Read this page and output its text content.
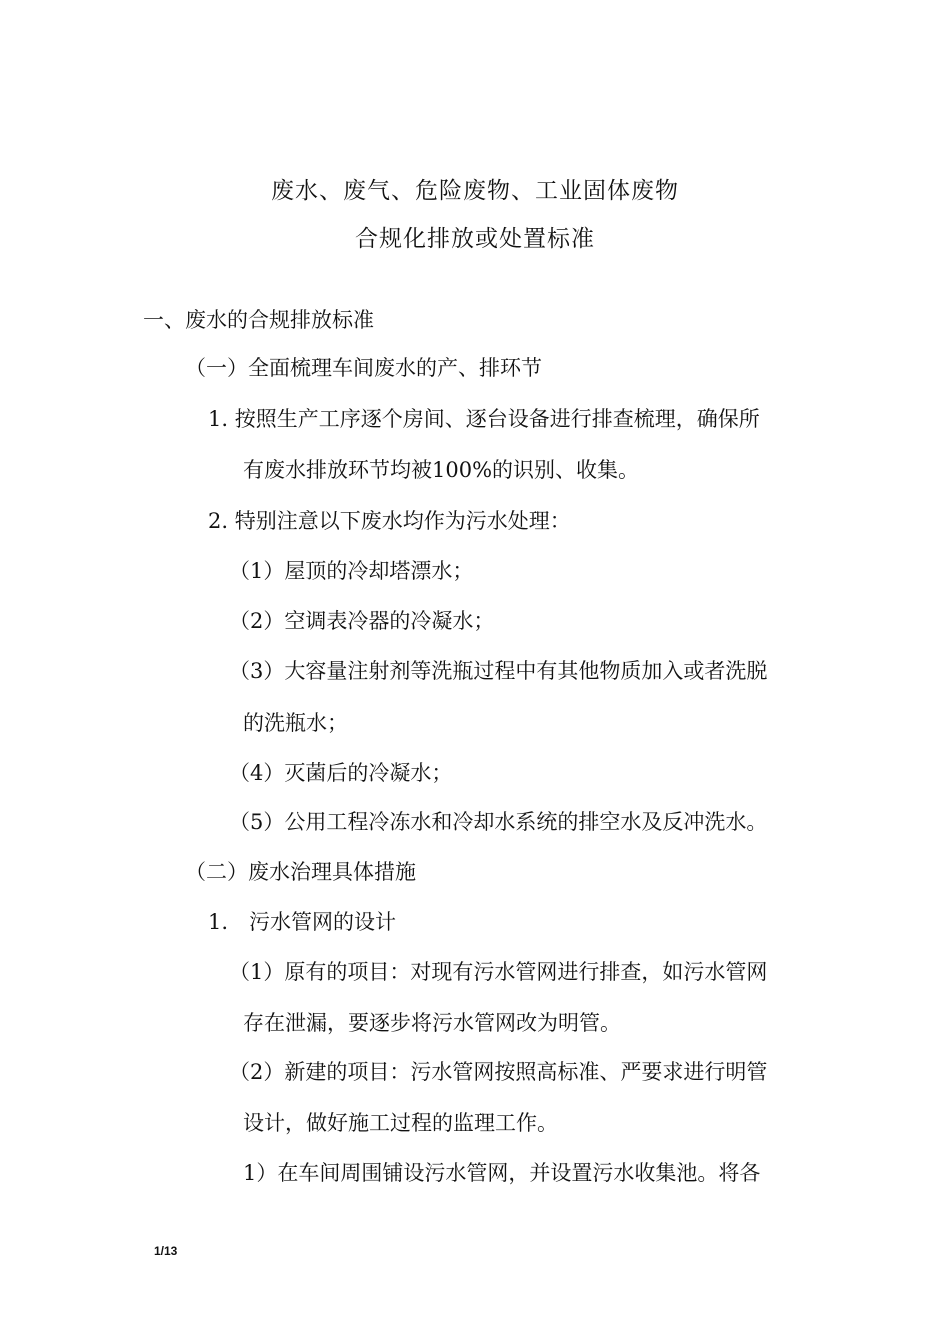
废水、废气、危险废物、工业固体废物
合规化排放或处置标准
一、废水的合规排放标准
（一）全面梳理车间废水的产、排环节
1. 按照生产工序逐个房间、逐台设备进行排查梳理，确保所
有废水排放环节均被100%的识别、收集。
2. 特别注意以下废水均作为污水处理：
（1）屋顶的冷却塔漂水；
（2）空调表冷器的冷凝水；
（3）大容量注射剂等洗瓶过程中有其他物质加入或者洗脱
的洗瓶水；
（4）灭菌后的冷凝水；
（5）公用工程冷冻水和冷却水系统的排空水及反冲洗水。
（二）废水治理具体措施
1.　污水管网的设计
（1）原有的项目：对现有污水管网进行排查，如污水管网
存在泄漏，要逐步将污水管网改为明管。
（2）新建的项目：污水管网按照高标准、严要求进行明管
设计，做好施工过程的监理工作。
1）在车间周围铺设污水管网，并设置污水收集池。将各
1/13
